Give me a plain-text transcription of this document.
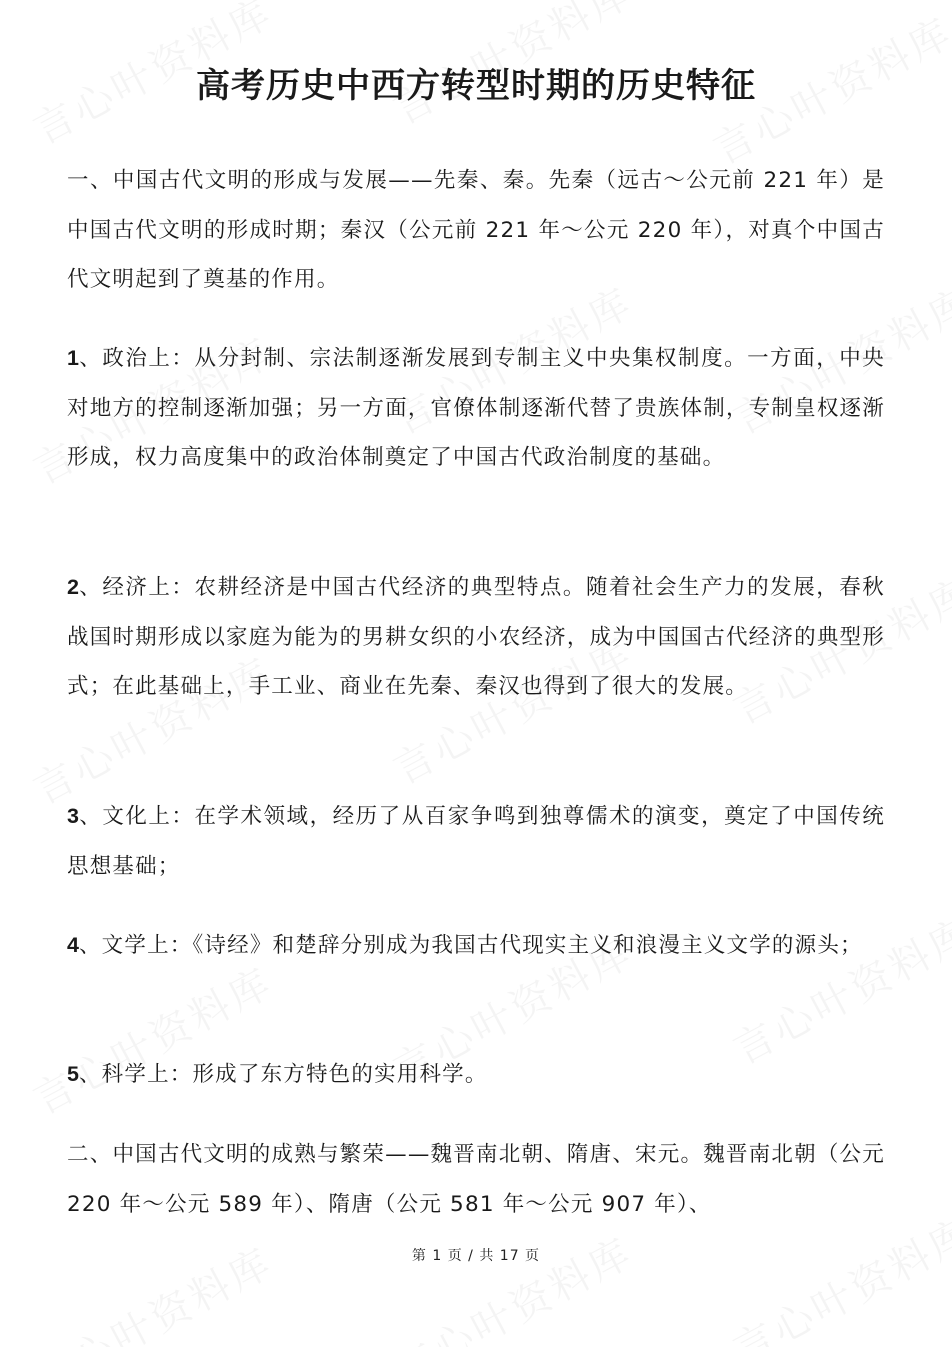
高考历史中西方转型时期的历史特征

一、中国古代文明的形成与发展——先秦、秦。先秦（远古～公元前 221 年）是中国古代文明的形成时期；秦汉（公元前 221 年～公元 220 年），对真个中国古代文明起到了奠基的作用。

1、政治上：从分封制、宗法制逐渐发展到专制主义中央集权制度。一方面，中央对地方的控制逐渐加强；另一方面，官僚体制逐渐代替了贵族体制，专制皇权逐渐形成，权力高度集中的政治体制奠定了中国古代政治制度的基础。

2、经济上：农耕经济是中国古代经济的典型特点。随着社会生产力的发展，春秋战国时期形成以家庭为能为的男耕女织的小农经济，成为中国国古代经济的典型形式；在此基础上，手工业、商业在先秦、秦汉也得到了很大的发展。

3、文化上：在学术领域，经历了从百家争鸣到独尊儒术的演变，奠定了中国传统思想基础；

4、文学上：《诗经》和楚辞分别成为我国古代现实主义和浪漫主义文学的源头；

5、科学上：形成了东方特色的实用科学。

二、中国古代文明的成熟与繁荣——魏晋南北朝、隋唐、宋元。魏晋南北朝（公元 220 年～公元 589 年）、隋唐（公元 581 年～公元 907 年）、

第 1 页 / 共 17 页
